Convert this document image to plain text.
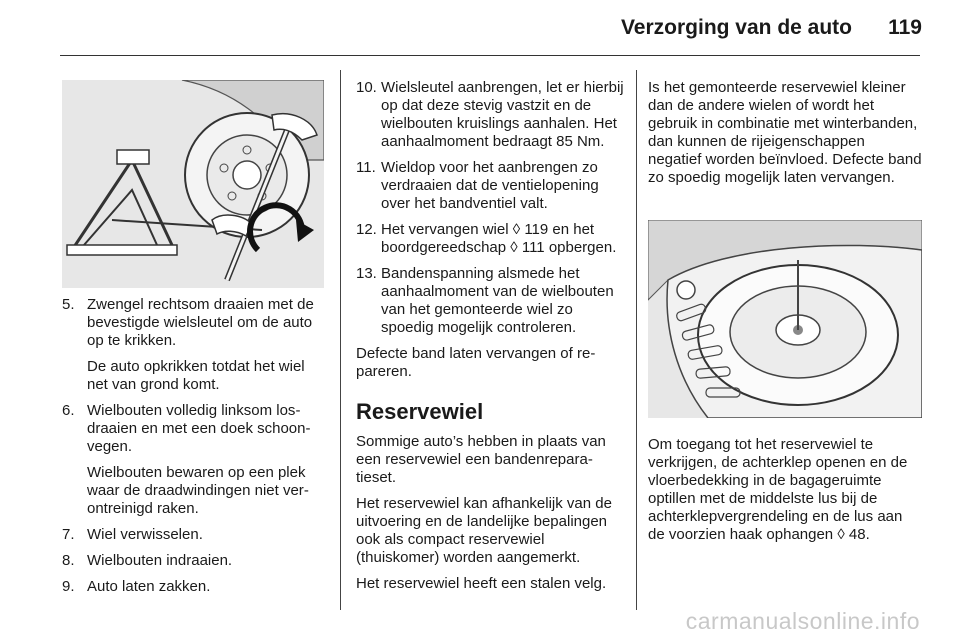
Verzorging van de auto 119
5. Zwengel rechtsom draaien met de bevestigde wielsleutel om de auto op te krikken.
De auto opkrikken totdat het wiel net van grond komt.
6. Wielbouten volledig linksom losdraaien en met een doek schoonvegen.
Wielbouten bewaren op een plek waar de draadwindingen niet verontreinigd raken.
7. Wiel verwisselen.
8. Wielbouten indraaien.
9. Auto laten zakken.
10. Wielsleutel aanbrengen, let er hierbij op dat deze stevig vastzit en de wielbouten kruislings aanhalen. Het aanhaalmoment bedraagt 85 Nm.
11. Wieldop voor het aanbrengen zo verdraaien dat de ventielopening over het bandventiel valt.
12. Het vervangen wiel ◊ 119 en het boordgereedschap ◊ 111 opbergen.
13. Bandenspanning alsmede het aanhaalmoment van de wielbouten van het gemonteerde wiel zo spoedig mogelijk controleren.

Defecte band laten vervangen of repareren.

Reservewiel

Sommige auto’s hebben in plaats van een reservewiel een bandenreparatieset.

Het reservewiel kan afhankelijk van de uitvoering en de landelijke bepalingen ook als compact reservewiel (thuiskomer) worden aangemerkt.

Het reservewiel heeft een stalen velg.

Is het gemonteerde reservewiel kleiner dan de andere wielen of wordt het gebruik in combinatie met winterbanden, dan kunnen de rijeigenschappen negatief worden beïnvloed. Defecte band zo spoedig mogelijk laten vervangen.

Om toegang tot het reservewiel te verkrijgen, de achterklep openen en de vloerbedekking in de bagageruimte optillen met de middelste lus bij de achterklepvergrendeling en de lus aan de voorzien haak ophangen ◊ 48.

carmanualsonline.info
